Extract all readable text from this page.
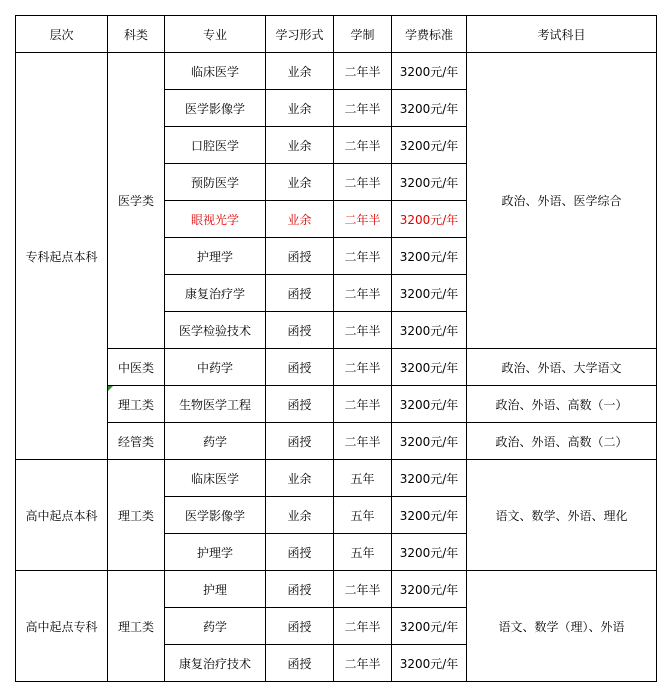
层次	科类	专业	学习形式	学制	学费标准	考试科目
专科起点本科	医学类	临床医学	业余	二年半	3200元/年	政治、外语、医学综合
		医学影像学	业余	二年半	3200元/年	
		口腔医学	业余	二年半	3200元/年	
		预防医学	业余	二年半	3200元/年	
		眼视光学	业余	二年半	3200元/年	
		护理学	函授	二年半	3200元/年	
		康复治疗学	函授	二年半	3200元/年	
		医学检验技术	函授	二年半	3200元/年	
	中医类	中药学	函授	二年半	3200元/年	政治、外语、大学语文
	理工类	生物医学工程	函授	二年半	3200元/年	政治、外语、高数（一）
	经管类	药学	函授	二年半	3200元/年	政治、外语、高数（二）
高中起点本科	理工类	临床医学	业余	五年	3200元/年	语文、数学、外语、理化
		医学影像学	业余	五年	3200元/年	
		护理学	函授	五年	3200元/年	
高中起点专科	理工类	护理	函授	二年半	3200元/年	语文、数学（理）、外语
		药学	函授	二年半	3200元/年	
		康复治疗技术	函授	二年半	3200元/年	
